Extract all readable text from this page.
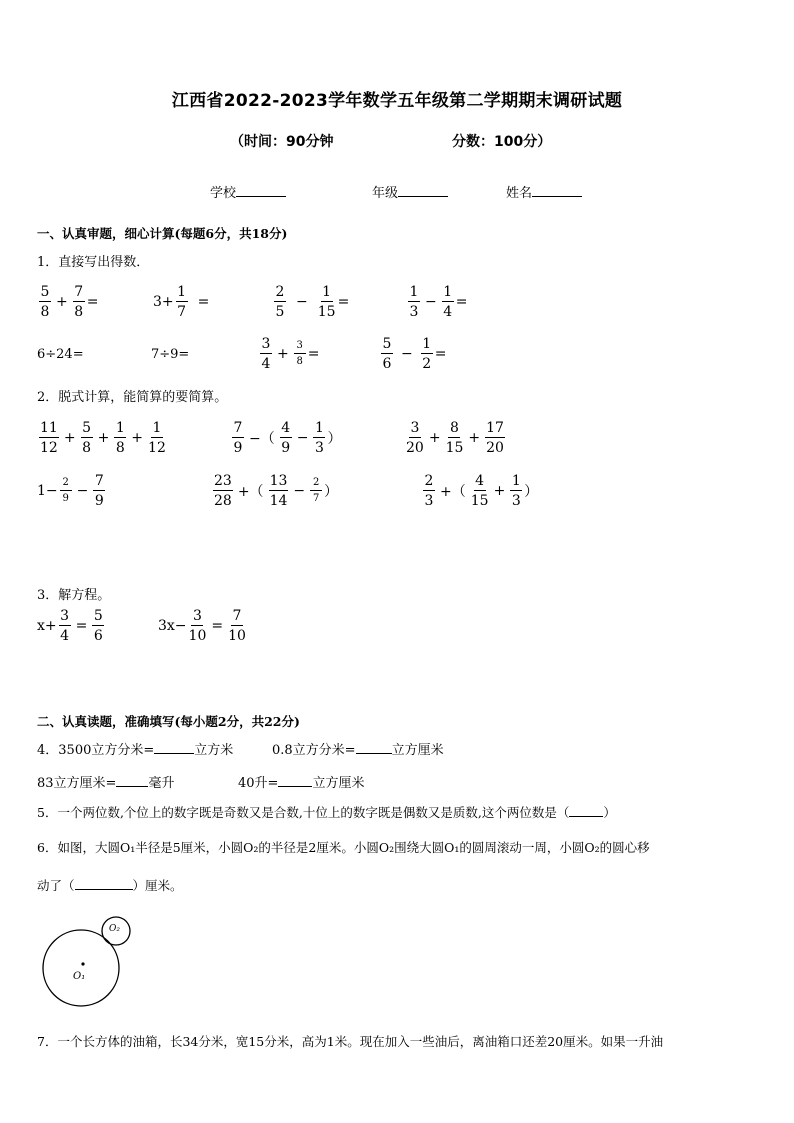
江西省2022-2023学年数学五年级第二学期期末调研试题
（时间：90分钟	分数：100分）
学校	年级	姓名
一、认真审题，细心计算(每题6分，共18分)
1．直接写出得数．
$\frac{5}{8} + \frac{7}{8}$ =	$3+ \frac{1}{7}$ =	$\frac{2}{5} - \frac{1}{15}$ =	$\frac{1}{3} - \frac{1}{4}$ =
6÷24=	7÷9=	$\frac{3}{4} + \frac{3}{8}$ =	$\frac{5}{6} - \frac{1}{2}$ =
2．脱式计算，能简算的要简算。
$\frac{11}{12} + \frac{5}{8} + \frac{1}{8} + \frac{1}{12}$	$\frac{7}{9}$ −（ $\frac{4}{9} - \frac{1}{3}$ ）	$\frac{3}{20} + \frac{8}{15} + \frac{17}{20}$
$1- \frac{2}{9} - \frac{7}{9}$	$\frac{23}{28}$ +（ $\frac{13}{14} - \frac{2}{7}$ ）	$\frac{2}{3}$ +（ $\frac{4}{15} + \frac{1}{3}$ ）
3．解方程。
$x+ \frac{3}{4} = \frac{5}{6}$	$3x- \frac{3}{10} = \frac{7}{10}$
二、认真读题，准确填写(每小题2分，共22分)
4．3500立方分米=	立方米	0.8立方分米=	立方厘米
83立方厘米= 毫升	40升=	立方厘米
5．一个两位数,个位上的数字既是奇数又是合数,十位上的数字既是偶数又是质数,这个两位数是（	）
6．如图，大圆O₁半径是5厘米，小圆O₂的半径是2厘米。小圆O₂围绕大圆O₁的圆周滚动一周，小圆O₂的圆心移
动了（	）厘米。
O₁
O₂
7．一个长方体的油箱，长34分米，宽15分米，高为1米。现在加入一些油后，离油箱口还差20厘米。如果一升油
